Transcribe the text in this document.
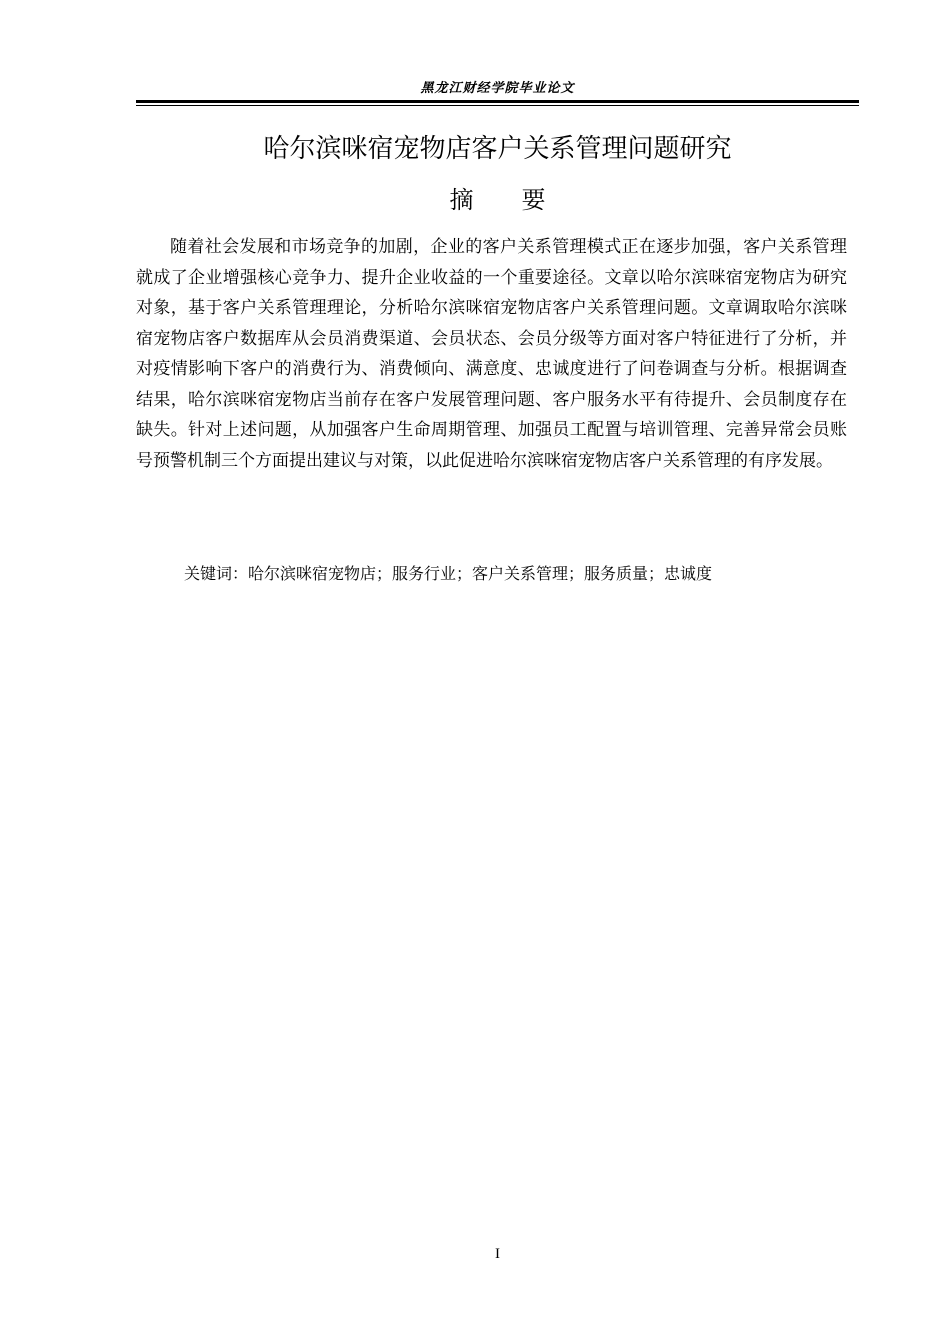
黑龙江财经学院毕业论文
哈尔滨咪宿宠物店客户关系管理问题研究
摘 要

随着社会发展和市场竞争的加剧，企业的客户关系管理模式正在逐步加强，客户关系管理就成了企业增强核心竞争力、提升企业收益的一个重要途径。文章以哈尔滨咪宿宠物店为研究对象，基于客户关系管理理论，分析哈尔滨咪宿宠物店客户关系管理问题。文章调取哈尔滨咪宿宠物店客户数据库从会员消费渠道、会员状态、会员分级等方面对客户特征进行了分析，并对疫情影响下客户的消费行为、消费倾向、满意度、忠诚度进行了问卷调查与分析。根据调查结果，哈尔滨咪宿宠物店当前存在客户发展管理问题、客户服务水平有待提升、会员制度存在缺失。针对上述问题，从加强客户生命周期管理、加强员工配置与培训管理、完善异常会员账号预警机制三个方面提出建议与对策，以此促进哈尔滨咪宿宠物店客户关系管理的有序发展。

关键词：哈尔滨咪宿宠物店；服务行业；客户关系管理；服务质量；忠诚度
I
